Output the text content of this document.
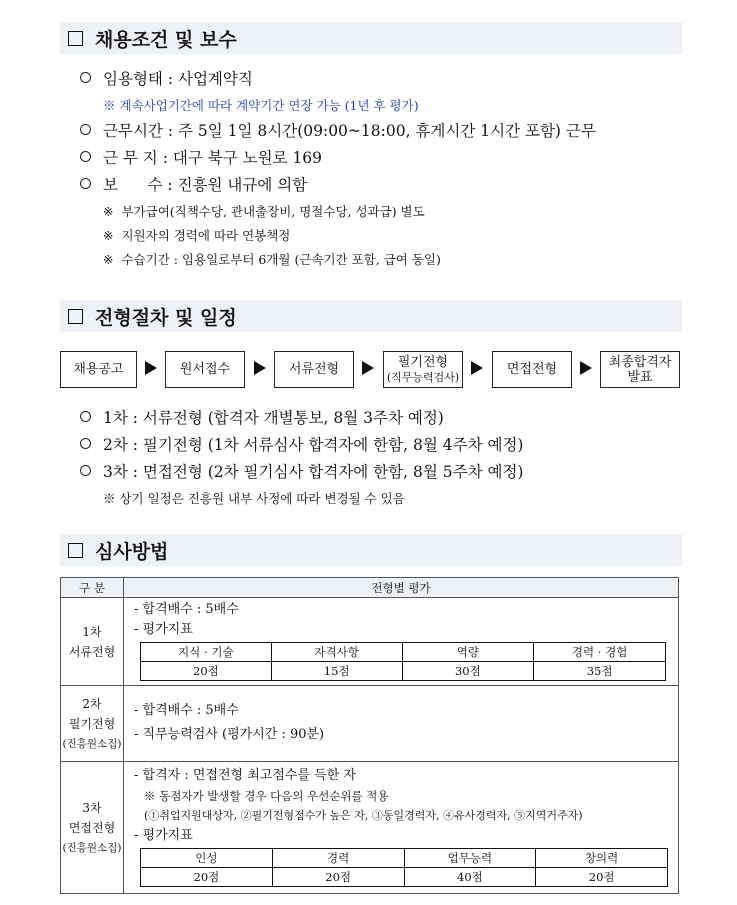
채용조건 및 보수
임용형태 : 사업계약직
※ 계속사업기간에 따라 계약기간 연장 가능 (1년 후 평가)
근무시간 : 주 5일 1일 8시간(09:00~18:00, 휴게시간 1시간 포함) 근무
근 무 지 : 대구 북구 노원로 169
보      수 : 진흥원 내규에 의함
※ 부가급여(직책수당, 관내출장비, 명절수당, 성과급) 별도
※ 지원자의 경력에 따라 연봉책정
※ 수습기간 : 임용일로부터 6개월 (근속기간 포함, 급여 동일)
전형절차 및 일정
채용공고	원서접수	서류전형	필기전형
(직무능력검사)	면접전형	최종합격자
발표
1차 : 서류전형 (합격자 개별통보, 8월 3주차 예정)
2차 : 필기전형 (1차 서류심사 합격자에 한함, 8월 4주차 예정)
3차 : 면접전형 (2차 필기심사 합격자에 한함, 8월 5주차 예정)
※ 상기 일정은 진흥원 내부 사정에 따라 변경될 수 있음
심사방법
구 분	전형별 평가

1차
서류전형

- 합격배수 : 5배수
- 평가지표
지식 · 기술	자격사항	역량	경력 · 경험
20점	15점	30점	35점

2차
필기전형
(진흥원소집)

- 합격배수 : 5배수
- 직무능력검사 (평가시간 : 90분)

3차
면접전형
(진흥원소집)

- 합격자 : 면접전형 최고점수를 득한 자
※ 동점자가 발생할 경우 다음의 우선순위를 적용
(①취업지원대상자, ②필기전형점수가 높은 자, ③동일경력자, ④유사경력자, ⑤지역거주자)
- 평가지표
인성	경력	업무능력	창의력
20점	20점	40점	20점
